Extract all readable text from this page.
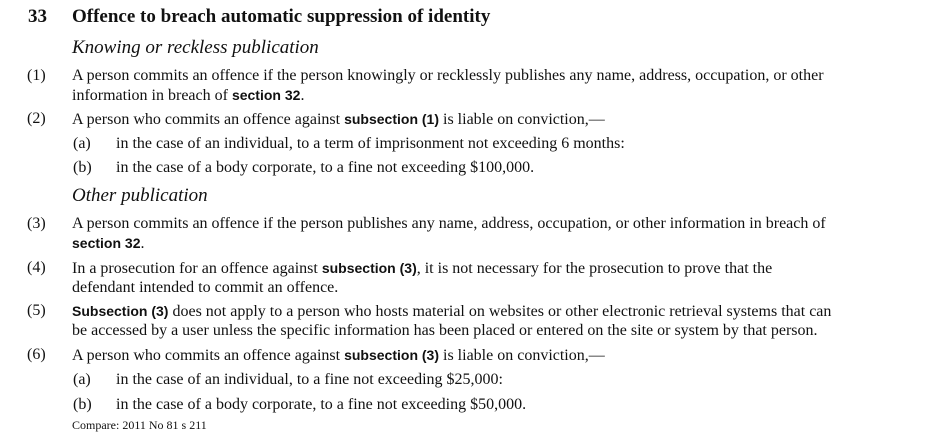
33 Offence to breach automatic suppression of identity
Knowing or reckless publication
(1) A person commits an offence if the person knowingly or recklessly publishes any name, address, occupation, or other
information in breach of section 32.
(2) A person who commits an offence against subsection (1) is liable on conviction,—
(a) in the case of an individual, to a term of imprisonment not exceeding 6 months:
(b) in the case of a body corporate, to a fine not exceeding $100,000.
Other publication
(3) A person commits an offence if the person publishes any name, address, occupation, or other information in breach of
section 32.
(4) In a prosecution for an offence against subsection (3), it is not necessary for the prosecution to prove that the
defendant intended to commit an offence.
(5) Subsection (3) does not apply to a person who hosts material on websites or other electronic retrieval systems that can
be accessed by a user unless the specific information has been placed or entered on the site or system by that person.
(6) A person who commits an offence against subsection (3) is liable on conviction,—
(a) in the case of an individual, to a fine not exceeding $25,000:
(b) in the case of a body corporate, to a fine not exceeding $50,000.
Compare: 2011 No 81 s 211
